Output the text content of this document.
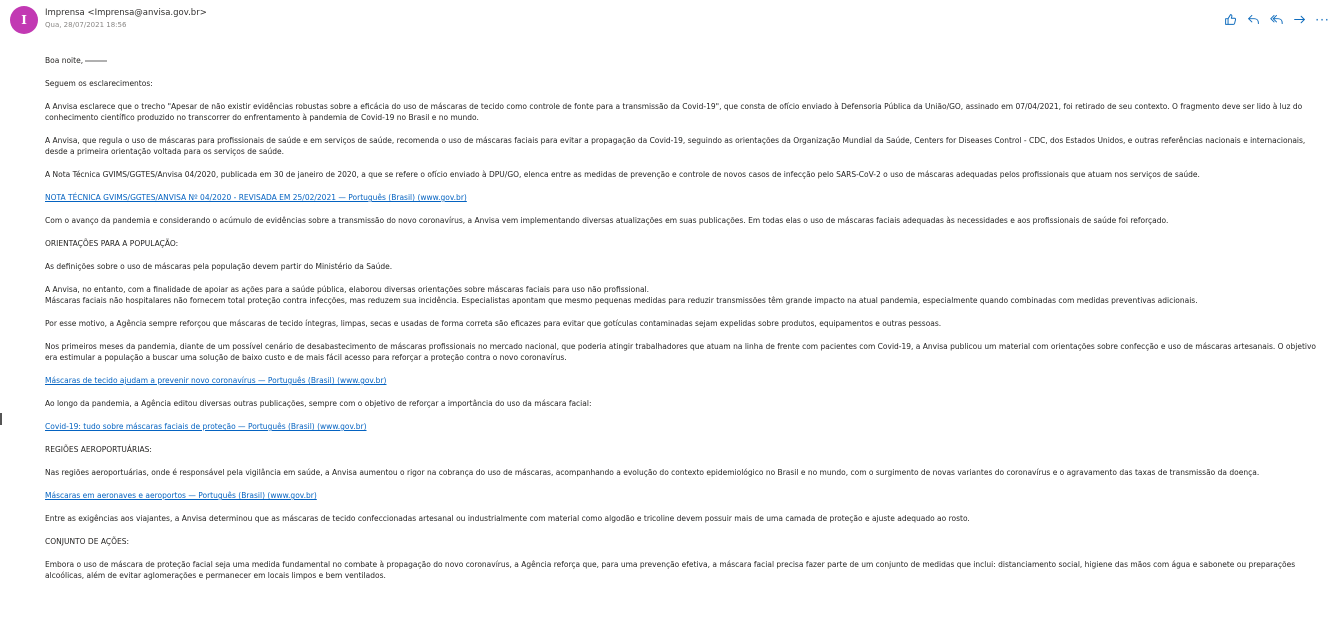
I Imprensa <Imprensa@anvisa.gov.br>
Qua, 28/07/2021 18:56	···

Boa noite,

Seguem os esclarecimentos:

A Anvisa esclarece que o trecho "Apesar de não existir evidências robustas sobre a eficácia do uso de máscaras de tecido como controle de fonte para a transmissão da Covid-19", que consta de ofício enviado à Defensoria Pública da União/GO, assinado em 07/04/2021, foi retirado de seu contexto. O fragmento deve ser lido à luz do conhecimento científico produzido no transcorrer do enfrentamento à pandemia de Covid-19 no Brasil e no mundo.

A Anvisa, que regula o uso de máscaras para profissionais de saúde e em serviços de saúde, recomenda o uso de máscaras faciais para evitar a propagação da Covid-19, seguindo as orientações da Organização Mundial da Saúde, Centers for Diseases Control - CDC, dos Estados Unidos, e outras referências nacionais e internacionais, desde a primeira orientação voltada para os serviços de saúde.

A Nota Técnica GVIMS/GGTES/Anvisa 04/2020, publicada em 30 de janeiro de 2020, a que se refere o ofício enviado à DPU/GO, elenca entre as medidas de prevenção e controle de novos casos de infecção pelo SARS-CoV-2 o uso de máscaras adequadas pelos profissionais que atuam nos serviços de saúde.

NOTA TÉCNICA GVIMS/GGTES/ANVISA Nº 04/2020 - REVISADA EM 25/02/2021 — Português (Brasil) (www.gov.br)

Com o avanço da pandemia e considerando o acúmulo de evidências sobre a transmissão do novo coronavírus, a Anvisa vem implementando diversas atualizações em suas publicações. Em todas elas o uso de máscaras faciais adequadas às necessidades e aos profissionais de saúde foi reforçado.

ORIENTAÇÕES PARA A POPULAÇÃO:

As definições sobre o uso de máscaras pela população devem partir do Ministério da Saúde.

A Anvisa, no entanto, com a finalidade de apoiar as ações para a saúde pública, elaborou diversas orientações sobre máscaras faciais para uso não profissional.
Máscaras faciais não hospitalares não fornecem total proteção contra infecções, mas reduzem sua incidência. Especialistas apontam que mesmo pequenas medidas para reduzir transmissões têm grande impacto na atual pandemia, especialmente quando combinadas com medidas preventivas adicionais.

Por esse motivo, a Agência sempre reforçou que máscaras de tecido íntegras, limpas, secas e usadas de forma correta são eficazes para evitar que gotículas contaminadas sejam expelidas sobre produtos, equipamentos e outras pessoas.

Nos primeiros meses da pandemia, diante de um possível cenário de desabastecimento de máscaras profissionais no mercado nacional, que poderia atingir trabalhadores que atuam na linha de frente com pacientes com Covid-19, a Anvisa publicou um material com orientações sobre confecção e uso de máscaras artesanais. O objetivo era estimular a população a buscar uma solução de baixo custo e de mais fácil acesso para reforçar a proteção contra o novo coronavírus.

Máscaras de tecido ajudam a prevenir novo coronavírus — Português (Brasil) (www.gov.br)

Ao longo da pandemia, a Agência editou diversas outras publicações, sempre com o objetivo de reforçar a importância do uso da máscara facial:

Covid-19: tudo sobre máscaras faciais de proteção — Português (Brasil) (www.gov.br)

REGIÕES AEROPORTUÁRIAS:

Nas regiões aeroportuárias, onde é responsável pela vigilância em saúde, a Anvisa aumentou o rigor na cobrança do uso de máscaras, acompanhando a evolução do contexto epidemiológico no Brasil e no mundo, com o surgimento de novas variantes do coronavírus e o agravamento das taxas de transmissão da doença.

Máscaras em aeronaves e aeroportos — Português (Brasil) (www.gov.br)

Entre as exigências aos viajantes, a Anvisa determinou que as máscaras de tecido confeccionadas artesanal ou industrialmente com material como algodão e tricoline devem possuir mais de uma camada de proteção e ajuste adequado ao rosto.

CONJUNTO DE AÇÕES:

Embora o uso de máscara de proteção facial seja uma medida fundamental no combate à propagação do novo coronavírus, a Agência reforça que, para uma prevenção efetiva, a máscara facial precisa fazer parte de um conjunto de medidas que inclui: distanciamento social, higiene das mãos com água e sabonete ou preparações alcoólicas, além de evitar aglomerações e permanecer em locais limpos e bem ventilados.
